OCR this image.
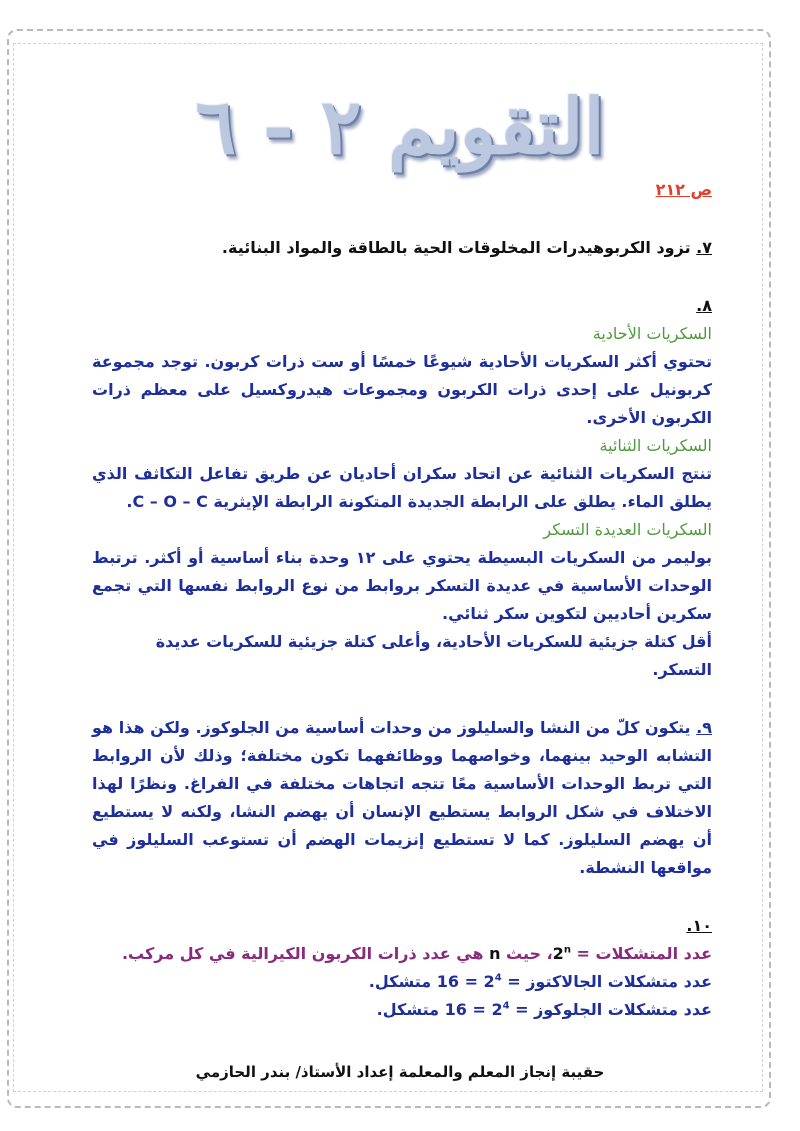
التقويم ٢ - ٦
ص ٢١٢
٧. تزود الكربوهيدرات المخلوقات الحية بالطاقة والمواد البنائية.
٨.
السكريات الأحادية
تحتوي أكثر السكريات الأحادية شيوعًا خمسًا أو ست ذرات كربون. توجد مجموعة كربونيل على إحدى ذرات الكربون ومجموعات هيدروكسيل على معظم ذرات الكربون الأخرى.
السكريات الثنائية
تنتج السكريات الثنائية عن اتحاد سكران أحاديان عن طريق تفاعل التكاثف الذي يطلق الماء. يطلق على الرابطة الجديدة المتكونة الرابطة الإيثرية C – O – C.
السكريات العديدة التسكر
بوليمر من السكريات البسيطة يحتوي على ١٢ وحدة بناء أساسية أو أكثر. ترتبط الوحدات الأساسية في عديدة التسكر بروابط من نوع الروابط نفسها التي تجمع سكرين أحاديين لتكوين سكر ثنائي.
أقل كتلة جزيئية للسكريات الأحادية، وأعلى كتلة جزيئية للسكريات عديدة التسكر.
٩. يتكون كلّ من النشا والسليلوز من وحدات أساسية من الجلوكوز. ولكن هذا هو التشابه الوحيد بينهما، وخواصهما ووظائفهما تكون مختلفة؛ وذلك لأن الروابط التي تربط الوحدات الأساسية معًا تتجه اتجاهات مختلفة في الفراغ. ونظرًا لهذا الاختلاف في شكل الروابط يستطيع الإنسان أن يهضم النشا، ولكنه لا يستطيع أن يهضم السليلوز. كما لا تستطيع إنزيمات الهضم أن تستوعب السليلوز في مواقعها النشطة.
١٠.
عدد المتشكلات = $2^n،$ حيث n هي عدد ذرات الكربون الكيرالية في كل مركب.
عدد متشكلات الجالاكتوز = $2^4 = 16$ متشكل.
عدد متشكلات الجلوكوز = $2^4 = 16$ متشكل.
حقيبة إنجاز المعلم والمعلمة إعداد الأستاذ/ بندر الحازمي
